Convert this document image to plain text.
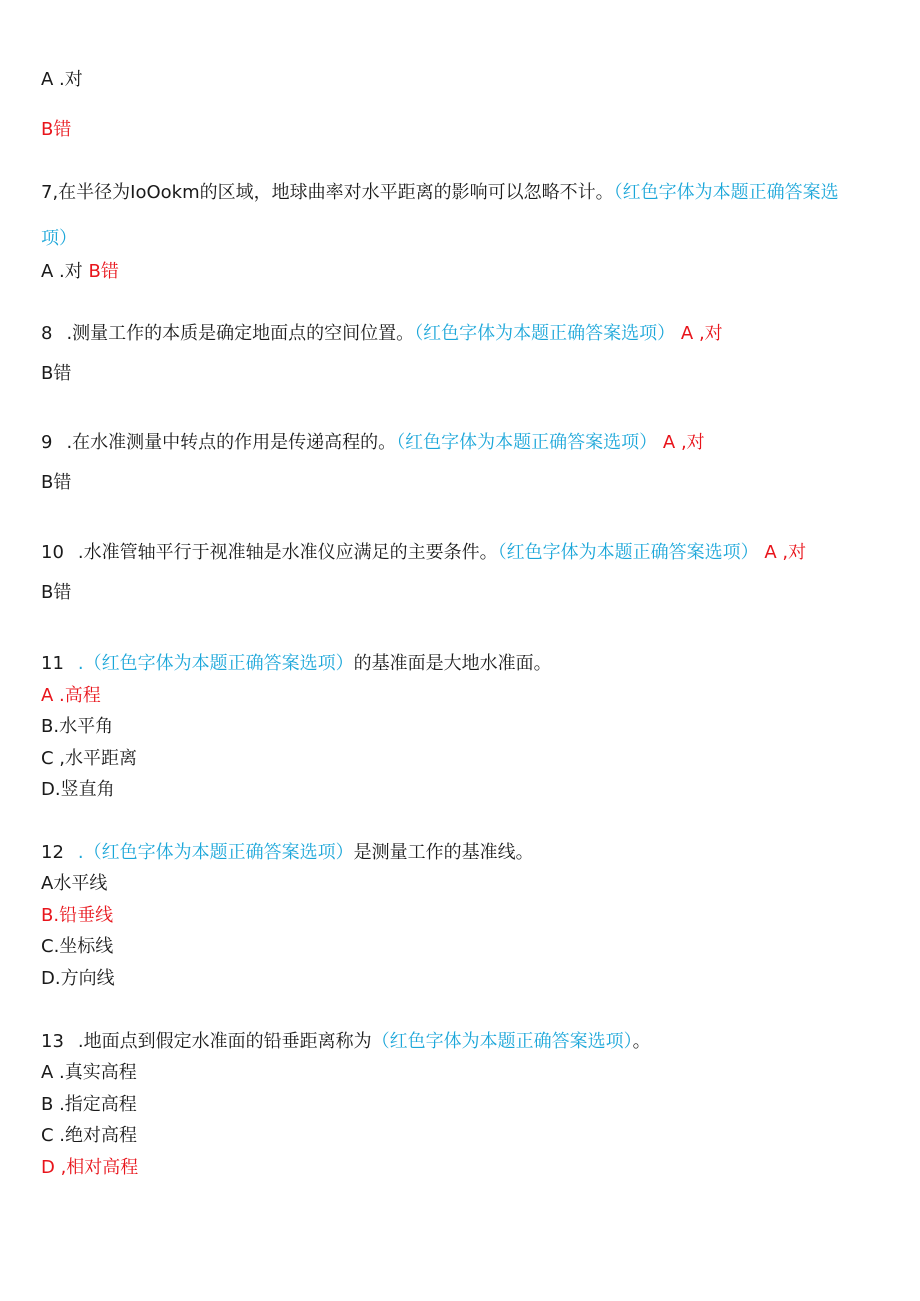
A .对
B错
7,在半径为IoOokm的区域，地球曲率对水平距离的影响可以忽略不计。（红色字体为本题正确答案选
项）
A .对 B错
8 .测量工作的本质是确定地面点的空间位置。（红色字体为本题正确答案选项） A ,对
B错
9 .在水准测量中转点的作用是传递高程的。（红色字体为本题正确答案选项） A ,对
B错
10 .水准管轴平行于视准轴是水准仪应满足的主要条件。（红色字体为本题正确答案选项） A ,对
B错
11 .（红色字体为本题正确答案选项）的基准面是大地水准面。
A .高程
B.水平角
C ,水平距离
D.竖直角
12 .（红色字体为本题正确答案选项）是测量工作的基准线。
A水平线
B.铅垂线
C.坐标线
D.方向线
13 .地面点到假定水准面的铅垂距离称为（红色字体为本题正确答案选项）。
A .真实高程
B .指定高程
C .绝对高程
D ,相对高程
